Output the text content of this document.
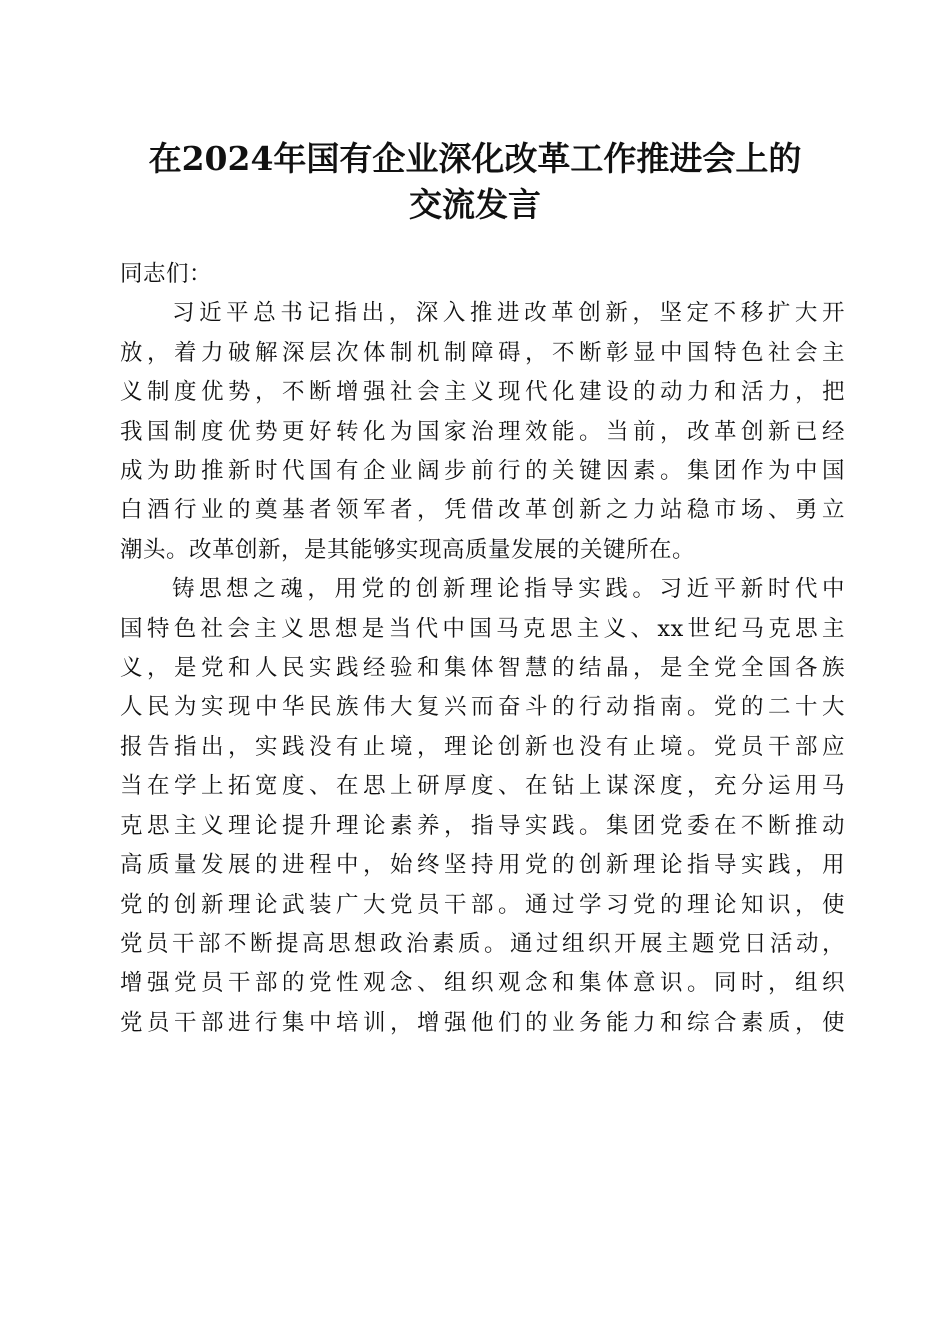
在2024年国有企业深化改革工作推进会上的
交流发言
同志们：
习近平总书记指出，深入推进改革创新，坚定不移扩大开
放，着力破解深层次体制机制障碍，不断彰显中国特色社会主
义制度优势，不断增强社会主义现代化建设的动力和活力，把
我国制度优势更好转化为国家治理效能。当前，改革创新已经
成为助推新时代国有企业阔步前行的关键因素。集团作为中国
白酒行业的奠基者领军者，凭借改革创新之力站稳市场、勇立
潮头。改革创新，是其能够实现高质量发展的关键所在。
铸思想之魂，用党的创新理论指导实践。习近平新时代中
国特色社会主义思想是当代中国马克思主义、xx世纪马克思主
义，是党和人民实践经验和集体智慧的结晶，是全党全国各族
人民为实现中华民族伟大复兴而奋斗的行动指南。党的二十大
报告指出，实践没有止境，理论创新也没有止境。党员干部应
当在学上拓宽度、在思上研厚度、在钻上谋深度，充分运用马
克思主义理论提升理论素养，指导实践。集团党委在不断推动
高质量发展的进程中，始终坚持用党的创新理论指导实践，用
党的创新理论武装广大党员干部。通过学习党的理论知识，使
党员干部不断提高思想政治素质。通过组织开展主题党日活动，
增强党员干部的党性观念、组织观念和集体意识。同时，组织
党员干部进行集中培训，增强他们的业务能力和综合素质，使
